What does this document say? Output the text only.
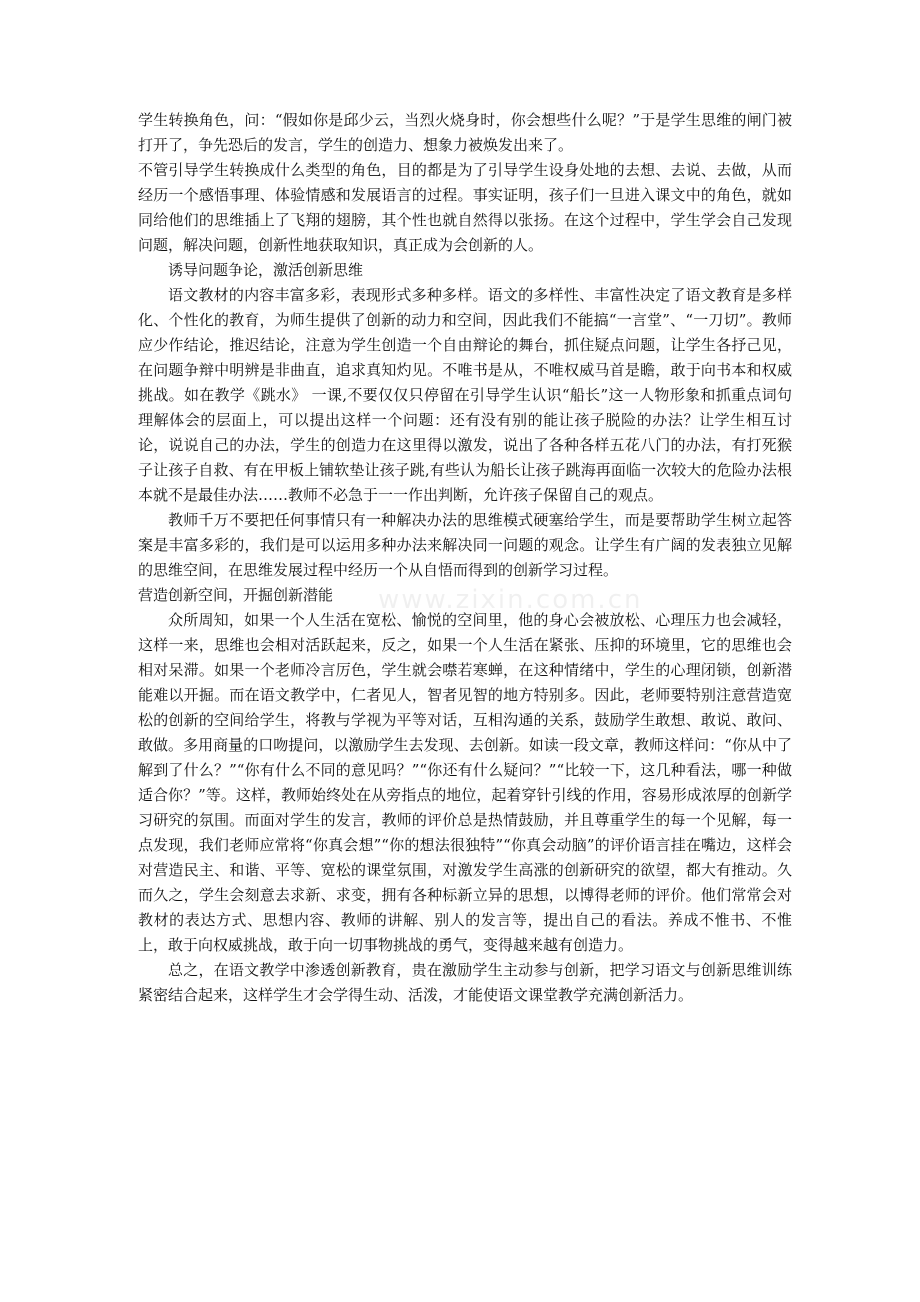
www.zixin.com.cn

学生转换角色，问：“假如你是邱少云，当烈火烧身时，你会想些什么呢？”于是学生思维的闸门被打开了，争先恐后的发言，学生的创造力、想象力被焕发出来了。

不管引导学生转换成什么类型的角色，目的都是为了引导学生设身处地的去想、去说、去做，从而经历一个感悟事理、体验情感和发展语言的过程。事实证明，孩子们一旦进入课文中的角色，就如同给他们的思维插上了飞翔的翅膀，其个性也就自然得以张扬。在这个过程中，学生学会自己发现问题，解决问题，创新性地获取知识，真正成为会创新的人。

诱导问题争论，激活创新思维

语文教材的内容丰富多彩，表现形式多种多样。语文的多样性、丰富性决定了语文教育是多样化、个性化的教育，为师生提供了创新的动力和空间，因此我们不能搞“一言堂”、“一刀切”。教师应少作结论，推迟结论，注意为学生创造一个自由辩论的舞台，抓住疑点问题，让学生各抒己见，在问题争辩中明辨是非曲直，追求真知灼见。不唯书是从，不唯权威马首是瞻，敢于向书本和权威挑战。如在教学《跳水》 一课,不要仅仅只停留在引导学生认识“船长”这一人物形象和抓重点词句理解体会的层面上，可以提出这样一个问题：还有没有别的能让孩子脱险的办法？让学生相互讨论，说说自己的办法，学生的创造力在这里得以激发，说出了各种各样五花八门的办法，有打死猴子让孩子自救、有在甲板上铺软垫让孩子跳,有些认为船长让孩子跳海再面临一次较大的危险办法根本就不是最佳办法……教师不必急于一一作出判断，允许孩子保留自己的观点。

教师千万不要把任何事情只有一种解决办法的思维模式硬塞给学生，而是要帮助学生树立起答案是丰富多彩的，我们是可以运用多种办法来解决同一问题的观念。让学生有广阔的发表独立见解的思维空间，在思维发展过程中经历一个从自悟而得到的创新学习过程。

营造创新空间，开掘创新潜能

众所周知，如果一个人生活在宽松、愉悦的空间里，他的身心会被放松、心理压力也会减轻，这样一来，思维也会相对活跃起来，反之，如果一个人生活在紧张、压抑的环境里，它的思维也会相对呆滞。如果一个老师冷言厉色，学生就会噤若寒蝉，在这种情绪中，学生的心理闭锁，创新潜能难以开掘。而在语文教学中，仁者见人，智者见智的地方特别多。因此，老师要特别注意营造宽松的创新的空间给学生，将教与学视为平等对话，互相沟通的关系，鼓励学生敢想、敢说、敢问、敢做。多用商量的口吻提问，以激励学生去发现、去创新。如读一段文章，教师这样问：“你从中了解到了什么？”“你有什么不同的意见吗？”“你还有什么疑问？”“比较一下，这几种看法，哪一种做适合你？”等。这样，教师始终处在从旁指点的地位，起着穿针引线的作用，容易形成浓厚的创新学习研究的氛围。而面对学生的发言，教师的评价总是热情鼓励，并且尊重学生的每一个见解，每一点发现，我们老师应常将“你真会想”“你的想法很独特”“你真会动脑”的评价语言挂在嘴边，这样会对营造民主、和谐、平等、宽松的课堂氛围，对激发学生高涨的创新研究的欲望，都大有推动。久而久之，学生会刻意去求新、求变，拥有各种标新立异的思想，以博得老师的评价。他们常常会对教材的表达方式、思想内容、教师的讲解、别人的发言等，提出自己的看法。养成不惟书、不惟上，敢于向权威挑战，敢于向一切事物挑战的勇气，变得越来越有创造力。

总之，在语文教学中渗透创新教育，贵在激励学生主动参与创新，把学习语文与创新思维训练紧密结合起来，这样学生才会学得生动、活泼，才能使语文课堂教学充满创新活力。
